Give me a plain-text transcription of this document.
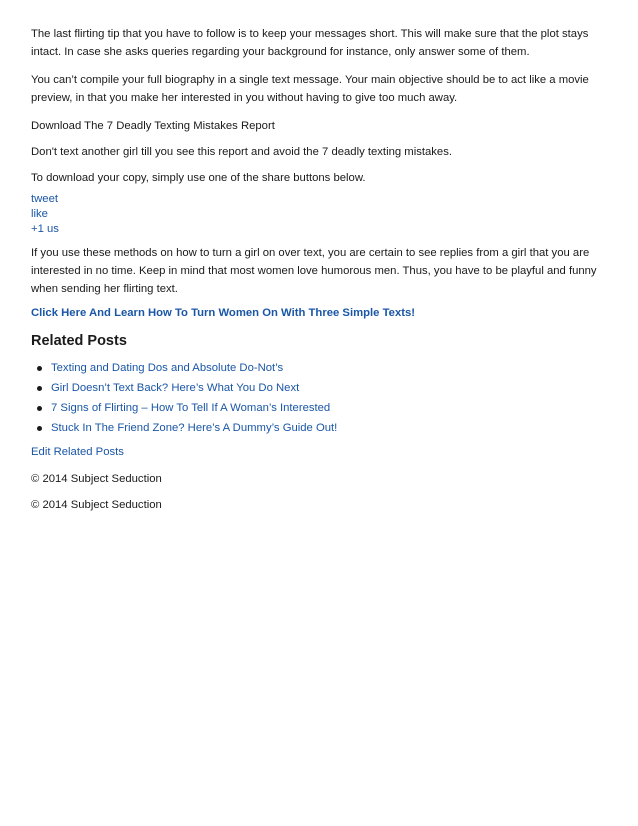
The last flirting tip that you have to follow is to keep your messages short. This will make sure that the plot stays intact. In case she asks queries regarding your background for instance, only answer some of them.

You can’t compile your full biography in a single text message. Your main objective should be to act like a movie preview, in that you make her interested in you without having to give too much away.

Download The 7 Deadly Texting Mistakes Report

Don't text another girl till you see this report and avoid the 7 deadly texting mistakes.

To download your copy, simply use one of the share buttons below.

tweet
like
+1 us

If you use these methods on how to turn a girl on over text, you are certain to see replies from a girl that you are interested in no time. Keep in mind that most women love humorous men. Thus, you have to be playful and funny when sending her flirting text.

Click Here And Learn How To Turn Women On With Three Simple Texts!
Related Posts
Texting and Dating Dos and Absolute Do-Not’s
Girl Doesn’t Text Back? Here’s What You Do Next
7 Signs of Flirting – How To Tell If A Woman’s Interested
Stuck In The Friend Zone? Here’s A Dummy’s Guide Out!
Edit Related Posts

© 2014 Subject Seduction

© 2014 Subject Seduction
